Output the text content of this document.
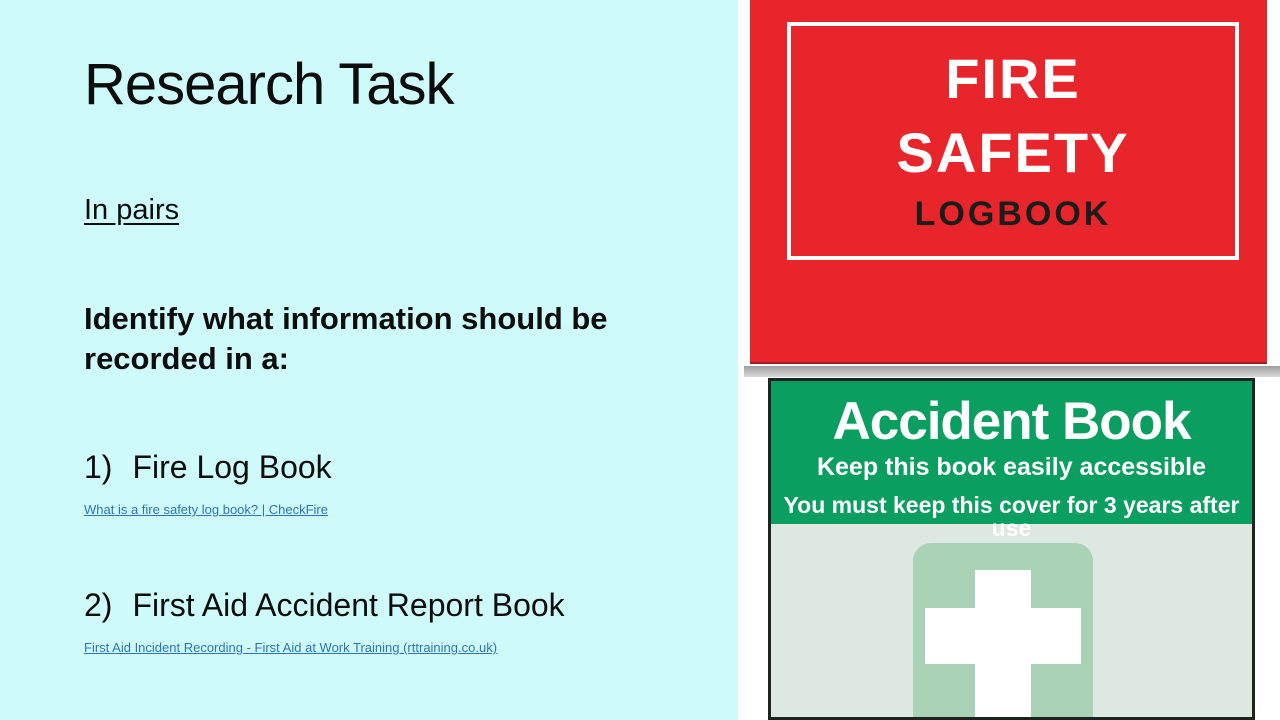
Research Task
In pairs
Identify what information should be recorded in a:
1) Fire Log Book
What is a fire safety log book? | CheckFire
2) First Aid Accident Report Book
First Aid Incident Recording - First Aid at Work Training (rttraining.co.uk)
FIRE
SAFETY
LOGBOOK
Accident Book
Keep this book easily accessible
You must keep this cover for 3 years after use
